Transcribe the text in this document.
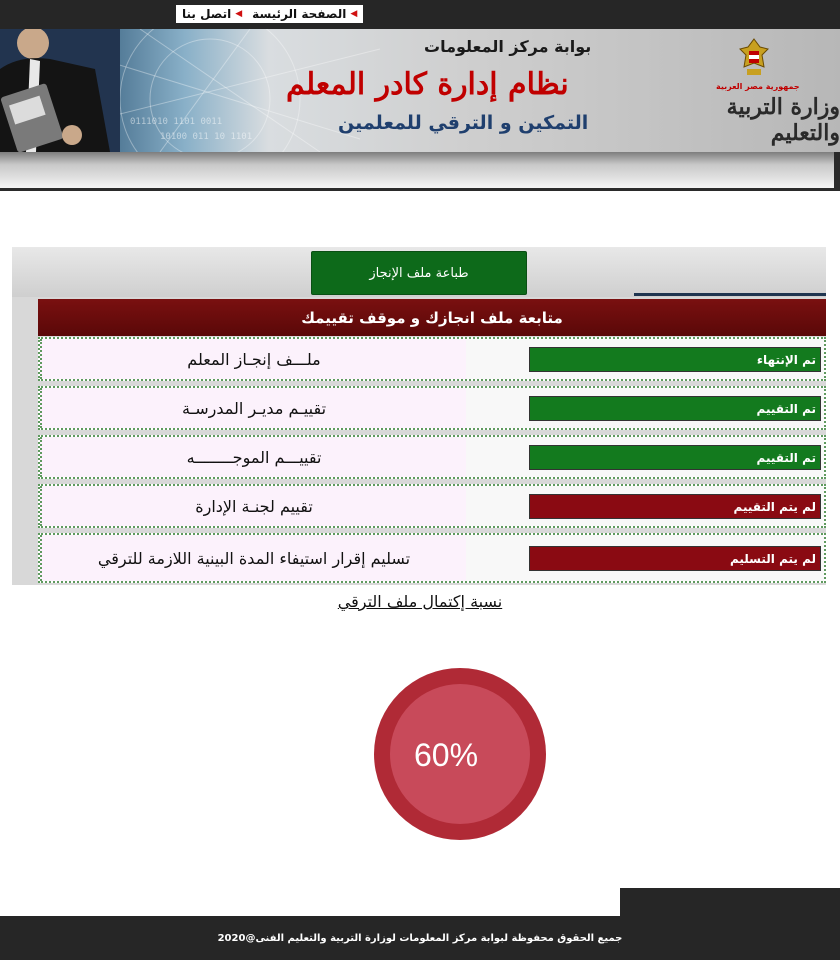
◀
الصفحة الرئيسة
◀
اتصل بنا
0111010 1101 0011
10100 011 10 1101
بوابة مركز المعلومات
نظام إدارة كادر المعلم
التمكين و الترقي للمعلمين
جمهورية مصر العربية
وزارة التربية والتعليم
طباعة ملف الإنجاز
متابعة ملف انجازك و موقف تقييمك
ملـــف إنجـاز المعلم	تم الإنتهاء
تقييـم مديـر المدرسـة	تم التقييم
تقييـــم الموجــــــــه	تم التقييم
تقييم لجنـة الإدارة	لم يتم التقييم
تسليم إقرار استيفاء المدة البينية اللازمة للترقي	لم يتم التسليم
نسبة إكتمال ملف الترقي
60%
جميع الحقوق محفوظة لبوابة مركز المعلومات لوزارة التربية والتعليم الفنى@2020
